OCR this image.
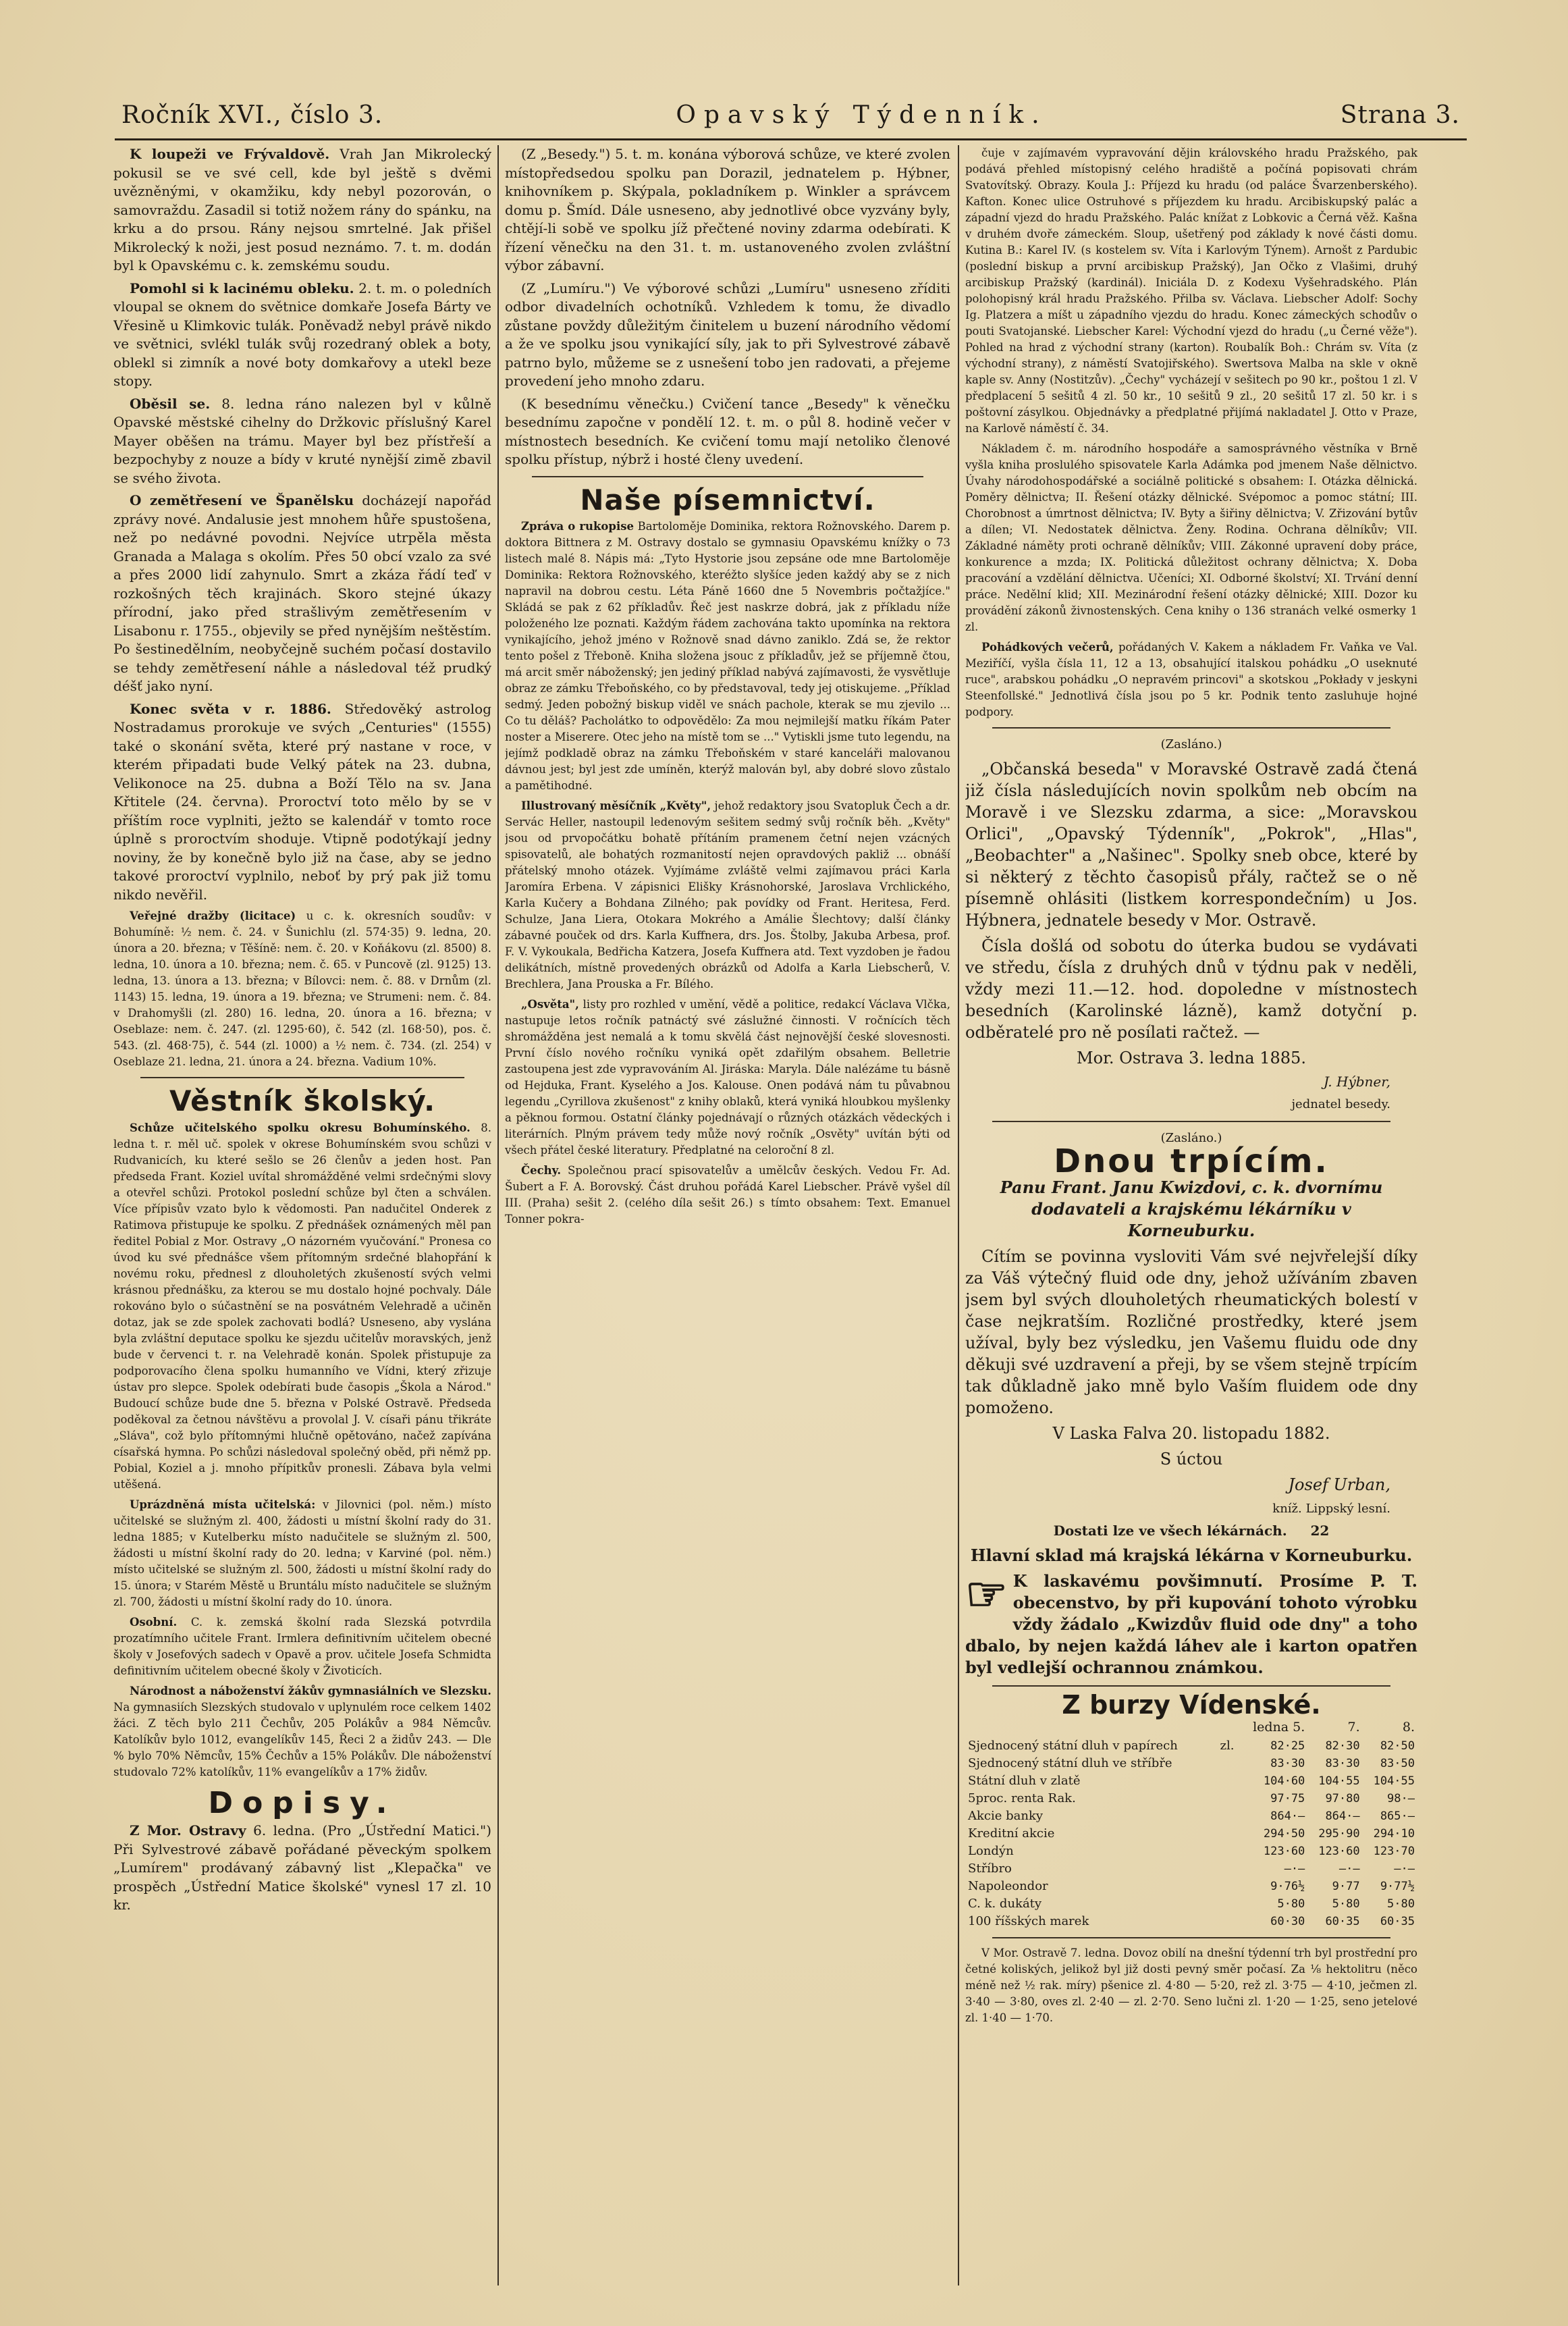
Ročník XVI., číslo 3.	Opavský Týdenník.	Strana 3.

K loupeži ve Frývaldově. Vrah Jan Mikrolecký pokusil se ve své cell, kde byl ještě s dvěmi uvězněnými, v okamžiku, kdy nebyl pozorován, o samovraždu. Zasadil si totiž nožem rány do spánku, na krku a do prsou. Rány nejsou smrtelné. Jak přišel Mikrolecký k noži, jest posud neznámo. 7. t. m. dodán byl k Opavskému c. k. zemskému soudu.

Pomohl si k lacinému obleku. 2. t. m. o poledních vloupal se oknem do světnice domkaře Josefa Bárty ve Vřesině u Klimkovic tulák. Poněvadž nebyl právě nikdo ve světnici, svlékl tulák svůj rozedraný oblek a boty, oblekl si zimník a nové boty domkařovy a utekl beze stopy.

Oběsil se. 8. ledna ráno nalezen byl v kůlně Opavské městské cihelny do Držkovic příslušný Karel Mayer oběšen na trámu. Mayer byl bez přístřeší a bezpochyby z nouze a bídy v kruté nynější zimě zbavil se svého života.

O zemětřesení ve Španělsku docházejí napořád zprávy nové. Andalusie jest mnohem hůře spustošena, než po nedávné povodni. Nejvíce utrpěla města Granada a Malaga s okolím. Přes 50 obcí vzalo za své a přes 2000 lidí zahynulo. Smrt a zkáza řádí teď v rozkošných těch krajinách. Skoro stejné úkazy přírodní, jako před strašlivým zemětřesením v Lisabonu r. 1755., objevily se před nynějším neštěstím. Po šestinedělním, neobyčejně suchém počasí dostavilo se tehdy zemětřesení náhle a následoval též prudký déšť jako nyní.

Konec světa v r. 1886. Středověký astrolog Nostradamus prorokuje ve svých „Centuries" (1555) také o skonání světa, které prý nastane v roce, v kterém připadati bude Velký pátek na 23. dubna, Velikonoce na 25. dubna a Boží Tělo na sv. Jana Křtitele (24. června). Proroctví toto mělo by se v příštím roce vyplniti, ježto se kalendář v tomto roce úplně s proroctvím shoduje. Vtipně podotýkají jedny noviny, že by konečně bylo již na čase, aby se jedno takové proroctví vyplnilo, neboť by prý pak již tomu nikdo nevěřil.

Veřejné dražby (licitace) u c. k. okresních soudův: v Bohumíně: ½ nem. č. 24. v Šunichlu (zl. 574·35) 9. ledna, 20. února a 20. března; v Těšíně: nem. č. 20. v Koňákovu (zl. 8500) 8. ledna, 10. února a 10. března; nem. č. 65. v Puncově (zl. 9125) 13. ledna, 13. února a 13. března; v Bílovci: nem. č. 88. v Drnům (zl. 1143) 15. ledna, 19. února a 19. března; ve Strumeni: nem. č. 84. v Drahomyšli (zl. 280) 16. ledna, 20. února a 16. března; v Oseblaze: nem. č. 247. (zl. 1295·60), č. 542 (zl. 168·50), pos. č. 543. (zl. 468·75), č. 544 (zl. 1000) a ½ nem. č. 734. (zl. 254) v Oseblaze 21. ledna, 21. února a 24. března. Vadium 10%.

Věstník školský.

Schůze učitelského spolku okresu Bohumínského. 8. ledna t. r. měl uč. spolek v okrese Bohumínském svou schůzi v Rudvanicích, ku které sešlo se 26 členův a jeden host. Pan předseda Frant. Koziel uvítal shromážděné velmi srdečnými slovy a otevřel schůzi. Protokol poslední schůze byl čten a schválen. Více přípisův vzato bylo k vědomosti. Pan nadučitel Onderek z Ratimova přistupuje ke spolku. Z přednášek oznámených měl pan ředitel Pobial z Mor. Ostravy „O názorném vyučování." Pronesa co úvod ku své přednášce všem přítomným srdečné blahopřání k novému roku, přednesl z dlouholetých zkušeností svých velmi krásnou přednášku, za kterou se mu dostalo hojné pochvaly. Dále rokováno bylo o súčastnění se na posvátném Velehradě a učiněn dotaz, jak se zde spolek zachovati bodlá? Usneseno, aby vyslána byla zvláštní deputace spolku ke sjezdu učitelův moravských, jenž bude v červenci t. r. na Velehradě konán. Spolek přistupuje za podporovacího člena spolku humanního ve Vídni, který zřizuje ústav pro slepce. Spolek odebírati bude časopis „Škola a Národ." Budoucí schůze bude dne 5. března v Polské Ostravě. Předseda poděkoval za četnou návštěvu a provolal J. V. císaři pánu třikráte „Sláva", což bylo přítomnými hlučně opětováno, načež zapívána císařská hymna. Po schůzi následoval společný oběd, při němž pp. Pobial, Koziel a j. mnoho přípitkův pronesli. Zábava byla velmi utěšená.

Uprázdněná místa učitelská: v Jilovnici (pol. něm.) místo učitelské se služným zl. 400, žádosti u místní školní rady do 31. ledna 1885; v Kutelberku místo nadučitele se služným zl. 500, žádosti u místní školní rady do 20. ledna; v Karviné (pol. něm.) místo učitelské se služným zl. 500, žádosti u místní školní rady do 15. února; v Starém Městě u Bruntálu místo nadučitele se služným zl. 700, žádosti u místní školní rady do 10. února.

Osobní. C. k. zemská školní rada Slezská potvrdila prozatímního učitele Frant. Irmlera definitivním učitelem obecné školy v Josefových sadech v Opavě a prov. učitele Josefa Schmidta definitivním učitelem obecné školy v Životicích.

Národnost a náboženství žákův gymnasiálních ve Slezsku. Na gymnasiích Slezských studovalo v uplynulém roce celkem 1402 žáci. Z těch bylo 211 Čechův, 205 Polákův a 984 Němcův. Katolíkův bylo 1012, evangelíkův 145, Řeci 2 a židův 243. — Dle % bylo 70% Němcův, 15% Čechův a 15% Polákův. Dle náboženství studovalo 72% katolíkův, 11% evangelíkův a 17% židův.

Dopisy.

Z Mor. Ostravy 6. ledna. (Pro „Ústřední Matici.") Při Sylvestrové zábavě pořádané pěveckým spolkem „Lumírem" prodávaný zábavný list „Klepačka" ve prospěch „Ústřední Matice školské" vynesl 17 zl. 10 kr.

(Z „Besedy.") 5. t. m. konána výborová schůze, ve které zvolen místopředsedou spolku pan Dorazil, jednatelem p. Hýbner, knihovníkem p. Skýpala, pokladníkem p. Winkler a správcem domu p. Šmíd. Dále usneseno, aby jednotlivé obce vyzvány byly, chtějí-li sobě ve spolku jíž přečtené noviny zdarma odebírati. K řízení věnečku na den 31. t. m. ustanoveného zvolen zvláštní výbor zábavní.

(Z „Lumíru.") Ve výborové schůzi „Lumíru" usneseno zříditi odbor divadelních ochotníků. Vzhledem k tomu, že divadlo zůstane povždy důležitým činitelem u buzení národního vědomí a že ve spolku jsou vynikající síly, jak to při Sylvestrové zábavě patrno bylo, můžeme se z usnešení tobo jen radovati, a přejeme provedení jeho mnoho zdaru.

(K besednímu věnečku.) Cvičení tance „Besedy" k věnečku besednímu započne v pondělí 12. t. m. o půl 8. hodině večer v místnostech besedních. Ke cvičení tomu mají netoliko členové spolku přístup, nýbrž i hosté členy uvedení.

Naše písemnictví.

Zpráva o rukopise Bartoloměje Dominika, rektora Rožnovského. Darem p. doktora Bittnera z M. Ostravy dostalo se gymnasiu Opavskému knížky o 73 listech malé 8. Nápis má: „Tyto Hystorie jsou zepsáne ode mne Bartoloměje Dominika: Rektora Rožnovského, kteréžto slyšíce jeden každý aby se z nich napravil na dobrou cestu. Léta Páně 1660 dne 5 Novembris počtažjíce." Skládá se pak z 62 příkladův. Řeč jest naskrze dobrá, jak z příkladu níže položeného lze poznati. Každým řádem zachována takto upomínka na rektora vynikajícího, jehož jméno v Rožnově snad dávno zaniklo. Zdá se, že rektor tento pošel z Třeboně. Kniha složena jsouc z příkladův, jež se příjemně čtou, má arcit směr náboženský; jen jediný příklad nabývá zajímavosti, že vysvětluje obraz ze zámku Třeboňského, co by představoval, tedy jej otiskujeme. „Příklad sedmý. Jeden pobožný biskup viděl ve snách pachole, kterak se mu zjevilo ... Co tu děláš? Pacholátko to odpovědělo: Za mou nejmilejší matku říkám Pater noster a Miserere. Otec jeho na místě tom se ..." Vytiskli jsme tuto legendu, na jejímž podkladě obraz na zámku Třeboňském v staré kanceláři malovanou dávnou jest; byl jest zde umíněn, kterýž malován byl, aby dobré slovo zůstalo a pamětihodné.

Illustrovaný měsíčník „Květy", jehož redaktory jsou Svatopluk Čech a dr. Servác Heller, nastoupil ledenovým sešitem sedmý svůj ročník běh. „Květy" jsou od prvopočátku bohatě přítáním pramenem četní nejen vzácných spisovatelů, ale bohatých rozmanitostí nejen opravdových pakliž ... obnáší přátelský mnoho otázek. Vyjímáme zvláště velmi zajímavou práci Karla Jaromíra Erbena. V zápisnici Elišky Krásnohorské, Jaroslava Vrchlického, Karla Kučery a Bohdana Zilného; pak povídky od Frant. Heritesa, Ferd. Schulze, Jana Liera, Otokara Mokrého a Amálie Šlechtovy; další články zábavné pouček od drs. Karla Kuffnera, drs. Jos. Štolby, Jakuba Arbesa, prof. F. V. Vykoukala, Bedřicha Katzera, Josefa Kuffnera atd. Text vyzdoben je řadou delikátních, místně provedených obrázků od Adolfa a Karla Liebscherů, V. Brechlera, Jana Prouska a Fr. Bílého.

„Osvěta", listy pro rozhled v umění, vědě a politice, redakcí Václava Vlčka, nastupuje letos ročník patnáctý své záslužné činnosti. V ročnících těch shromážděna jest nemalá a k tomu skvělá část nejnovější české slovesnosti. První číslo nového ročníku vyniká opět zdařilým obsahem. Belletrie zastoupena jest zde vypravováním Al. Jiráska: Maryla. Dále nalézáme tu básně od Hejduka, Frant. Kyselého a Jos. Kalouse. Onen podává nám tu půvabnou legendu „Cyrillova zkušenost" z knihy oblaků, která vyniká hloubkou myšlenky a pěknou formou. Ostatní články pojednávají o různých otázkách vědeckých i literárních. Plným právem tedy může nový ročník „Osvěty" uvítán býti od všech přátel české literatury. Předplatné na celoroční 8 zl.

Čechy. Společnou prací spisovatelův a umělcův českých. Vedou Fr. Ad. Šubert a F. A. Borovský. Část druhou pořádá Karel Liebscher. Právě vyšel díl III. (Praha) sešit 2. (celého díla sešit 26.) s tímto obsahem: Text. Emanuel Tonner pokra-

čuje v zajímavém vypravování dějin královského hradu Pražského, pak podává přehled místopisný celého hradiště a počíná popisovati chrám Svatovítský. Obrazy. Koula J.: Příjezd ku hradu (od paláce Švarzenberského). Kafton. Konec ulice Ostruhové s příjezdem ku hradu. Arcibiskupský palác a západní vjezd do hradu Pražského. Palác knížat z Lobkovic a Černá věž. Kašna v druhém dvoře zámeckém. Sloup, ušetřený pod základy k nové části domu. Kutina B.: Karel IV. (s kostelem sv. Víta i Karlovým Týnem). Arnošt z Pardubic (poslední biskup a první arcibiskup Pražský), Jan Očko z Vlašimi, druhý arcibiskup Pražský (kardinál). Iniciála D. z Kodexu Vyšehradského. Plán polohopisný král hradu Pražského. Přilba sv. Václava. Liebscher Adolf: Sochy Ig. Platzera a míšt u západního vjezdu do hradu. Konec zámeckých schodův o pouti Svatojanské. Liebscher Karel: Východní vjezd do hradu („u Černé věže"). Pohled na hrad z východní strany (karton). Roubalík Boh.: Chrám sv. Víta (z východní strany), z náměstí Svatojiřského). Swertsova Malba na skle v okně kaple sv. Anny (Nostitzův). „Čechy" vycházejí v sešitech po 90 kr., poštou 1 zl. V předplacení 5 sešitů 4 zl. 50 kr., 10 sešitů 9 zl., 20 sešitů 17 zl. 50 kr. i s poštovní zásylkou. Objednávky a předplatné přijímá nakladatel J. Otto v Praze, na Karlově náměstí č. 34.

Nákladem č. m. národního hospodáře a samosprávného věstníka v Brně vyšla kniha proslulého spisovatele Karla Adámka pod jmenem Naše dělnictvo. Úvahy národohospodářské a sociálně politické s obsahem: I. Otázka dělnická. Poměry dělnictva; II. Řešení otázky dělnické. Svépomoc a pomoc státní; III. Chorobnost a úmrtnost dělnictva; IV. Byty a šiřiny dělnictva; V. Zřizování bytův a dílen; VI. Nedostatek dělnictva. Ženy. Rodina. Ochrana dělníkův; VII. Základné náměty proti ochraně dělníkův; VIII. Zákonné upravení doby práce, konkurence a mzda; IX. Politická důležitost ochrany dělnictva; X. Doba pracování a vzdělání dělnictva. Učeníci; XI. Odborné školství; XI. Trvání denní práce. Nedělní klid; XII. Mezinárodní řešení otázky dělnické; XIII. Dozor ku provádění zákonů živnostenských. Cena knihy o 136 stranách velké osmerky 1 zl.

Pohádkových večerů, pořádaných V. Kakem a nákladem Fr. Vaňka ve Val. Meziříčí, vyšla čísla 11, 12 a 13, obsahující italskou pohádku „O useknuté ruce", arabskou pohádku „O nepravém princovi" a skotskou „Pokłady v jeskyni Steenfollské." Jednotlivá čísla jsou po 5 kr. Podnik tento zasluhuje hojné podpory.

(Zasláno.)

„Občanská beseda" v Moravské Ostravě zadá čtená již čísla následujících novin spolkům neb obcím na Moravě i ve Slezsku zdarma, a sice: „Moravskou Orlici", „Opavský Týdenník", „Pokrok", „Hlas", „Beobachter" a „Našinec". Spolky sneb obce, které by si některý z těchto časopisů přály, račtež se o ně písemně ohlásiti (listkem korrespondečním) u Jos. Hýbnera, jednatele besedy v Mor. Ostravě.

Čísla došlá od sobotu do úterka budou se vydávati ve středu, čísla z druhých dnů v týdnu pak v neděli, vždy mezi 11.—12. hod. dopoledne v místnostech besedních (Karolinské lázně), kamž dotyční p. odběratelé pro ně posílati račtež. —

Mor. Ostrava 3. ledna 1885.

J. Hýbner,

jednatel besedy.

(Zasláno.)

Dnou trpícím.

Panu Frant. Janu Kwizdovi, c. k. dvornímu dodavateli a krajskému lékárníku v Korneuburku.

Cítím se povinna vysloviti Vám své nejvřelejší díky za Váš výtečný fluid ode dny, jehož užíváním zbaven jsem byl svých dlouholetých rheumatických bolestí v čase nejkratším. Rozličné prostředky, které jsem užíval, byly bez výsledku, jen Vašemu fluidu ode dny děkuji své uzdravení a přeji, by se všem stejně trpícím tak důkladně jako mně bylo Vaším fluidem ode dny pomoženo.

V Laska Falva 20. listopadu 1882.

S úctou

Josef Urban,

kníž. Lippský lesní.

Dostati lze ve všech lékárnách. 22

Hlavní sklad má krajská lékárna v Korneuburku.

☞ K laskavému povšimnutí. Prosíme P. T. obecenstvo, by při kupování tohoto výrobku vždy žádalo „Kwizdův fluid ode dny" a toho dbalo, by nejen každá láhev ale i karton opatřen byl vedlejší ochrannou známkou.

Z burzy Vídenské.
		ledna 5.	7.	8.
Sjednocený státní dluh v papírech	zl.	82·25	82·30	82·50
Sjednocený státní dluh ve stříbře		83·30	83·30	83·50
Státní dluh v zlatě		104·60	104·55	104·55
5proc. renta Rak.		97·75	97·80	98·—
Akcie banky		864·—	864·—	865·—
Kreditní akcie		294·50	295·90	294·10
Londýn		123·60	123·60	123·70
Stříbro		—·—	—·—	—·—
Napoleondor		9·76½	9·77	9·77½
C. k. dukáty		5·80	5·80	5·80
100 říšských marek		60·30	60·35	60·35

V Mor. Ostravě 7. ledna. Dovoz obilí na dnešní týdenní trh byl prostřední pro četné koliských, jelikož byl již dosti pevný směr počasí. Za ⅛ hektolitru (něco méně než ½ rak. míry) pšenice zl. 4·80 — 5·20, rež zl. 3·75 — 4·10, ječmen zl. 3·40 — 3·80, oves zl. 2·40 — zl. 2·70. Seno lučni zl. 1·20 — 1·25, seno jetelové zl. 1·40 — 1·70.
